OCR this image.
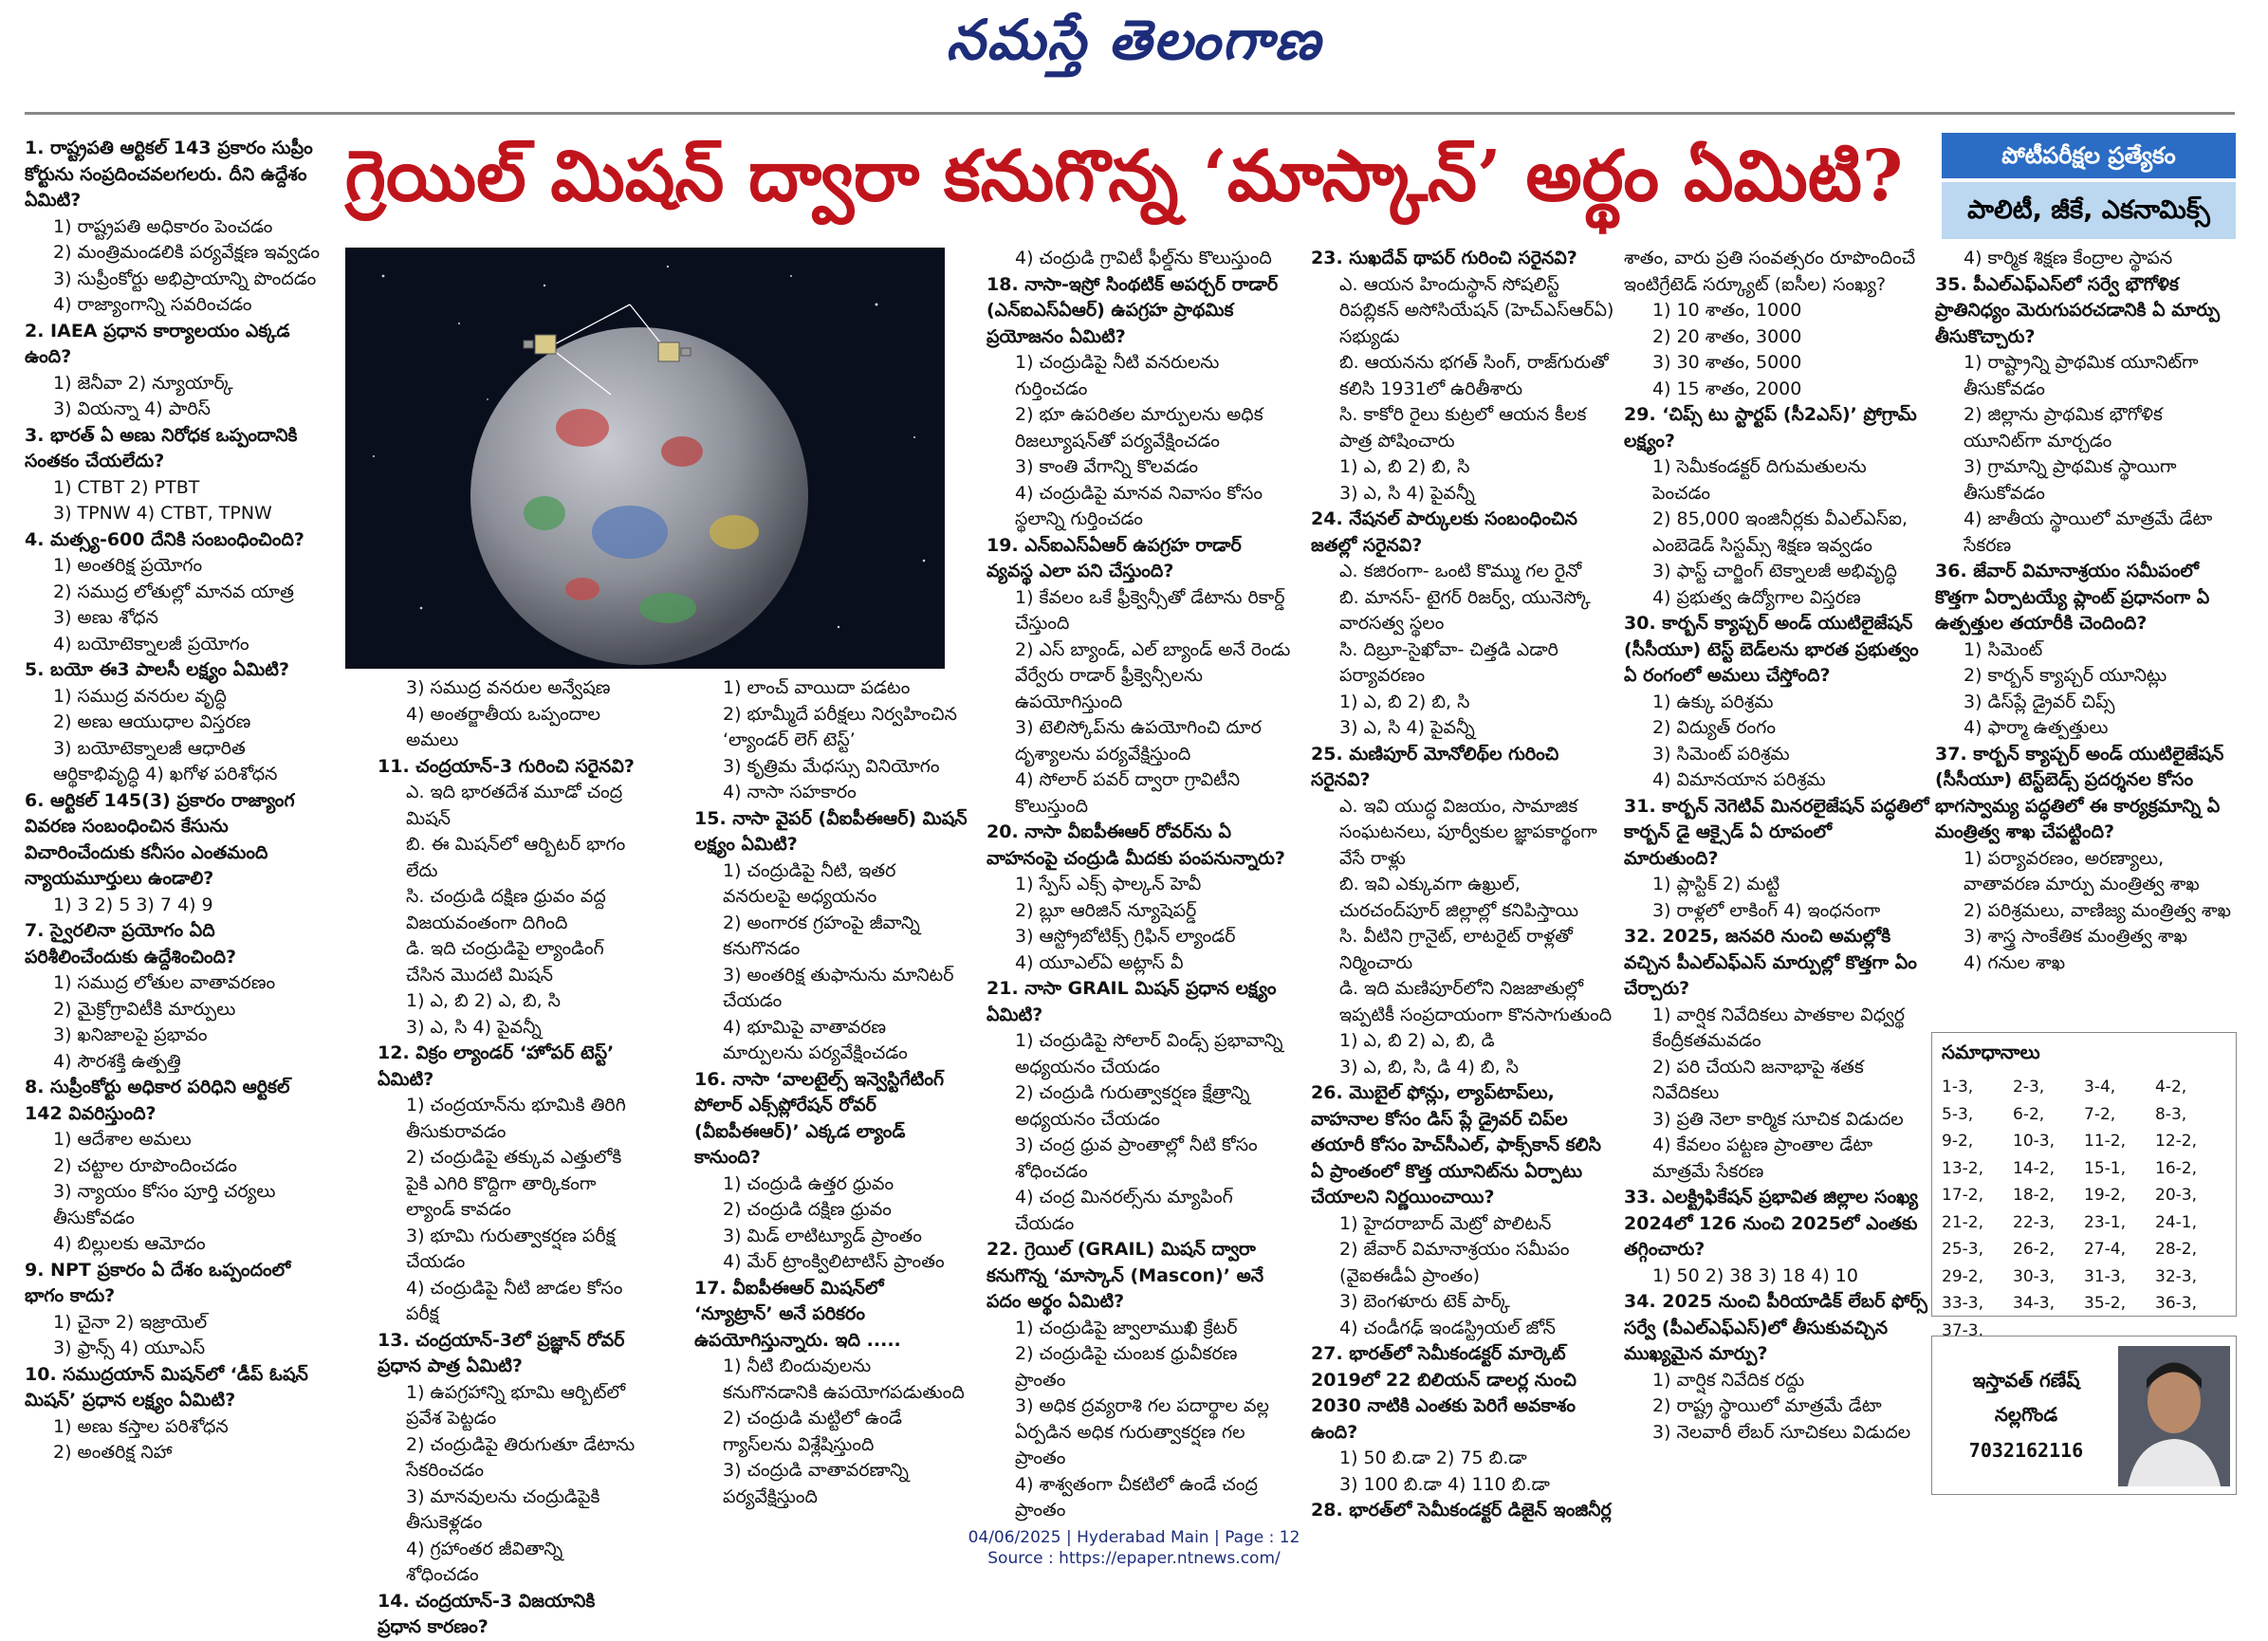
నమస్తే తెలంగాణ
గ్రెయిల్ మిషన్ ద్వారా కనుగొన్న ‘మాస్కాన్’ అర్థం ఏమిటి?	పోటీపరీక్షల ప్రత్యేకం
పాలిటీ, జీకే, ఎకనామిక్స్

1. రాష్ట్రపతి ఆర్టికల్ 143 ప్రకారం సుప్రీం కోర్టును సంప్రదించవలగలరు. దీని ఉద్దేశం ఏమిటి?

1) రాష్ట్రపతి అధికారం పెంచడం

2) మంత్రిమండలికి పర్యవేక్షణ ఇవ్వడం

3) సుప్రీంకోర్టు అభిప్రాయాన్ని పొందడం

4) రాజ్యాంగాన్ని సవరించడం

2. IAEA ప్రధాన కార్యాలయం ఎక్కడ ఉంది?

1) జెనీవా 2) న్యూయార్క్

3) వియన్నా 4) పారిస్

3. భారత్ ఏ అణు నిరోధక ఒప్పందానికి సంతకం చేయలేదు?

1) CTBT 2) PTBT

3) TPNW 4) CTBT, TPNW

4. మత్స్య-600 దేనికి సంబంధించింది?

1) అంతరిక్ష ప్రయోగం

2) సముద్ర లోతుల్లో మానవ యాత్ర

3) అణు శోధన

4) బయోటెక్నాలజీ ప్రయోగం

5. బయో ఈ3 పాలసీ లక్ష్యం ఏమిటి?

1) సముద్ర వనరుల వృద్ధి

2) అణు ఆయుధాల విస్తరణ

3) బయోటెక్నాలజీ ఆధారిత ఆర్థికాభివృద్ధి 4) ఖగోళ పరిశోధన

6. ఆర్టికల్ 145(3) ప్రకారం రాజ్యాంగ వివరణ సంబంధించిన కేసును విచారించేందుకు కనీసం ఎంతమంది న్యాయమూర్తులు ఉండాలి?

1) 3 2) 5 3) 7 4) 9

7. స్వైరలినా ప్రయోగం ఏది పరిశీలించేందుకు ఉద్దేశించింది?

1) సముద్ర లోతుల వాతావరణం

2) మైక్రోగ్రావిటీకి మార్పులు

3) ఖనిజాలపై ప్రభావం

4) సౌరశక్తి ఉత్పత్తి

8. సుప్రీంకోర్టు అధికార పరిధిని ఆర్టికల్ 142 వివరిస్తుంది?

1) ఆదేశాల అమలు

2) చట్టాల రూపొందించడం

3) న్యాయం కోసం పూర్తి చర్యలు తీసుకోవడం

4) బిల్లులకు ఆమోదం

9. NPT ప్రకారం ఏ దేశం ఒప్పందంలో భాగం కాదు?

1) చైనా 2) ఇజ్రాయెల్

3) ఫ్రాన్స్ 4) యూఎస్

10. సముద్రయాన్ మిషన్‌లో ‘డీప్ ఓషన్ మిషన్’ ప్రధాన లక్ష్యం ఏమిటి?

1) అణు కస్తాల పరిశోధన

2) అంతరిక్ష నిహా

3) సముద్ర వనరుల అన్వేషణ

4) అంతర్జాతీయ ఒప్పందాల అమలు

11. చంద్రయాన్-3 గురించి సరైనవి?

ఎ. ఇది భారతదేశ మూడో చంద్ర మిషన్

బి. ఈ మిషన్‌లో ఆర్బిటర్ భాగం లేదు

సి. చంద్రుడి దక్షిణ ధ్రువం వద్ద విజయవంతంగా దిగింది

డి. ఇది చంద్రుడిపై ల్యాండింగ్ చేసిన మొదటి మిషన్

1) ఎ, బి 2) ఎ, బి, సి

3) ఎ, సి 4) పైవన్నీ

12. విక్రం ల్యాండర్ ‘హోపర్ టెస్ట్’ ఏమిటి?

1) చంద్రయాన్‌ను భూమికి తిరిగి తీసుకురావడం

2) చంద్రుడిపై తక్కువ ఎత్తులోకి పైకి ఎగిరి కొద్దిగా తార్కికంగా ల్యాండ్ కావడం

3) భూమి గురుత్వాకర్షణ పరీక్ష చేయడం

4) చంద్రుడిపై నీటి జాడల కోసం పరీక్ష

13. చంద్రయాన్-3లో ప్రజ్ఞాన్ రోవర్ ప్రధాన పాత్ర ఏమిటి?

1) ఉపగ్రహాన్ని భూమి ఆర్బిట్‌లో ప్రవేశ పెట్టడం

2) చంద్రుడిపై తిరుగుతూ డేటాను సేకరించడం

3) మానవులను చంద్రుడిపైకి తీసుకెళ్లడం

4) గ్రహాంతర జీవితాన్ని శోధించడం

14. చంద్రయాన్-3 విజయానికి ప్రధాన కారణం?

1) లాంచ్ వాయిదా పడటం

2) భూమ్మీదే పరీక్షలు నిర్వహించిన ‘ల్యాండర్ లెగ్ టెస్ట్’

3) కృత్రిమ మేధస్సు వినియోగం

4) నాసా సహకారం

15. నాసా వైపర్ (వీఐపీఈఆర్) మిషన్ లక్ష్యం ఏమిటి?

1) చంద్రుడిపై నీటి, ఇతర వనరులపై అధ్యయనం

2) అంగారక గ్రహంపై జీవాన్ని కనుగొనడం

3) అంతరిక్ష తుఫానును మానిటర్ చేయడం

4) భూమిపై వాతావరణ మార్పులను పర్యవేక్షించడం

16. నాసా ‘వాలటైల్స్ ఇన్వెస్టిగేటింగ్ పోలార్ ఎక్స్‌ప్లోరేషన్ రోవర్ (వీఐపీఈఆర్)’ ఎక్కడ ల్యాండ్ కానుంది?

1) చంద్రుడి ఉత్తర ధ్రువం

2) చంద్రుడి దక్షిణ ధ్రువం

3) మిడ్ లాటిట్యూడ్ ప్రాంతం

4) మేర్ ట్రాంక్విలిటాటిస్ ప్రాంతం

17. వీఐపీఈఆర్ మిషన్‌లో ‘న్యూట్రాన్’ అనే పరికరం ఉపయోగిస్తున్నారు. ఇది .....

1) నీటి బిందువులను కనుగొనడానికి ఉపయోగపడుతుంది

2) చంద్రుడి మట్టిలో ఉండే గ్యాస్‌లను విశ్లేషిస్తుంది

3) చంద్రుడి వాతావరణాన్ని పర్యవేక్షిస్తుంది

4) చంద్రుడి గ్రావిటీ ఫీల్డ్‌ను కొలుస్తుంది

18. నాసా-ఇస్రో సింథటిక్ అపర్చర్ రాడార్ (ఎన్ఐఎస్ఏఆర్) ఉపగ్రహ ప్రాథమిక ప్రయోజనం ఏమిటి?

1) చంద్రుడిపై నీటి వనరులను గుర్తించడం

2) భూ ఉపరితల మార్పులను అధిక రిజల్యూషన్‌తో పర్యవేక్షించడం

3) కాంతి వేగాన్ని కొలవడం

4) చంద్రుడిపై మానవ నివాసం కోసం స్థలాన్ని గుర్తించడం

19. ఎన్ఐఎస్ఏఆర్ ఉపగ్రహ రాడార్ వ్యవస్థ ఎలా పని చేస్తుంది?

1) కేవలం ఒకే ఫ్రీక్వెన్సీతో డేటాను రికార్డ్ చేస్తుంది

2) ఎస్ బ్యాండ్, ఎల్ బ్యాండ్ అనే రెండు వేర్వేరు రాడార్ ఫ్రీక్వెన్సీలను ఉపయోగిస్తుంది

3) టెలిస్కోప్‌ను ఉపయోగించి దూర దృశ్యాలను పర్యవేక్షిస్తుంది

4) సోలార్ పవర్ ద్వారా గ్రావిటీని కొలుస్తుంది

20. నాసా వీఐపీఈఆర్ రోవర్‌ను ఏ వాహనంపై చంద్రుడి మీదకు పంపనున్నారు?

1) స్పేస్ ఎక్స్ ఫాల్కన్ హెవీ

2) బ్లూ ఆరిజిన్ న్యూషెపర్డ్

3) ఆస్ట్రోబోటిక్స్ గ్రిఫిన్ ల్యాండర్

4) యూఎల్ఏ అట్లాస్ వీ

21. నాసా GRAIL మిషన్ ప్రధాన లక్ష్యం ఏమిటి?

1) చంద్రుడిపై సోలార్ విండ్స్ ప్రభావాన్ని అధ్యయనం చేయడం

2) చంద్రుడి గురుత్వాకర్షణ క్షేత్రాన్ని అధ్యయనం చేయడం

3) చంద్ర ధ్రువ ప్రాంతాల్లో నీటి కోసం శోధించడం

4) చంద్ర మినరల్స్‌ను మ్యాపింగ్ చేయడం

22. గ్రెయిల్ (GRAIL) మిషన్ ద్వారా కనుగొన్న ‘మాస్కాన్ (Mascon)’ అనే పదం అర్థం ఏమిటి?

1) చంద్రుడిపై జ్వాలాముఖి క్రేటర్

2) చంద్రుడిపై చుంబక ధ్రువీకరణ ప్రాంతం

3) అధిక ద్రవ్యరాశి గల పదార్థాల వల్ల ఏర్పడిన అధిక గురుత్వాకర్షణ గల ప్రాంతం

4) శాశ్వతంగా చీకటిలో ఉండే చంద్ర ప్రాంతం

23. సుఖదేవ్ థాపర్ గురించి సరైనవి?

ఎ. ఆయన హిందుస్థాన్ సోషలిస్ట్ రిపబ్లికన్ అసోసియేషన్ (హెచ్ఎస్ఆర్ఏ) సభ్యుడు

బి. ఆయనను భగత్ సింగ్, రాజ్‌గురుతో కలిసి 1931లో ఉరితీశారు

సి. కాకోరి రైలు కుట్రలో ఆయన కీలక పాత్ర పోషించారు

1) ఎ, బి 2) బి, సి

3) ఎ, సి 4) పైవన్నీ

24. నేషనల్ పార్కులకు సంబంధించిన జతల్లో సరైనవి?

ఎ. కజిరంగా- ఒంటి కొమ్ము గల రైనో

బి. మానస్- టైగర్ రిజర్వ్, యునెస్కో వారసత్వ స్థలం

సి. దిబ్రూ-సైఖోవా- చిత్తడి ఎడారి పర్యావరణం

1) ఎ, బి 2) బి, సి

3) ఎ, సి 4) పైవన్నీ

25. మణిపూర్ మోనోలిథ్‌ల గురించి సరైనవి?

ఎ. ఇవి యుద్ధ విజయం, సామాజిక సంఘటనలు, పూర్వీకుల జ్ఞాపకార్థంగా వేసే రాళ్లు

బి. ఇవి ఎక్కువగా ఉఖ్రుల్, చురచంద్‌పూర్ జిల్లాల్లో కనిపిస్తాయి

సి. వీటిని గ్రానైట్, లాటరైట్ రాళ్లతో నిర్మించారు

డి. ఇది మణిపూర్‌లోని నిజజాతుల్లో ఇప్పటికీ సంప్రదాయంగా కొనసాగుతుంది

1) ఎ, బి 2) ఎ, బి, డి

3) ఎ, బి, సి, డి 4) బి, సి

26. మొబైల్ ఫోన్లు, ల్యాప్‌టాప్‌లు, వాహనాల కోసం డిస్ ప్లే డ్రైవర్ చిప్‌ల తయారీ కోసం హెచ్‌సీఎల్, ఫాక్స్‌కాన్ కలిసి ఏ ప్రాంతంలో కొత్త యూనిట్‌ను ఏర్పాటు చేయాలని నిర్ణయించాయి?

1) హైదరాబాద్ మెట్రో పొలిటన్

2) జేవార్ విమానాశ్రయం సమీపం (వైఐఈడీఏ ప్రాంతం)

3) బెంగళూరు టెక్ పార్క్

4) చండీగఢ్ ఇండస్ట్రియల్ జోన్

27. భారత్‌లో సెమీకండక్టర్ మార్కెట్ 2019లో 22 బిలియన్ డాలర్ల నుంచి 2030 నాటికి ఎంతకు పెరిగే అవకాశం ఉంది?

1) 50 బి.డా 2) 75 బి.డా

3) 100 బి.డా 4) 110 బి.డా

28. భారత్‌లో సెమీకండక్టర్ డిజైన్ ఇంజినీర్ల

శాతం, వారు ప్రతి సంవత్సరం రూపొందించే ఇంటిగ్రేటెడ్ సర్క్యూట్ (ఐసీల) సంఖ్య?

1) 10 శాతం, 1000

2) 20 శాతం, 3000

3) 30 శాతం, 5000

4) 15 శాతం, 2000

29. ‘చిప్స్ టు స్టార్టప్ (సీ2ఎస్)’ ప్రోగ్రామ్ లక్ష్యం?

1) సెమీకండక్టర్ దిగుమతులను పెంచడం

2) 85,000 ఇంజినీర్లకు వీఎల్ఎస్ఐ, ఎంబెడెడ్ సిస్టమ్స్ శిక్షణ ఇవ్వడం

3) ఫాస్ట్ చార్జింగ్ టెక్నాలజీ అభివృద్ధి

4) ప్రభుత్వ ఉద్యోగాల విస్తరణ

30. కార్బన్ క్యాప్చర్ అండ్ యుటిలైజేషన్ (సీసీయూ) టెస్ట్ బెడ్‌లను భారత ప్రభుత్వం ఏ రంగంలో అమలు చేస్తోంది?

1) ఉక్కు పరిశ్రమ

2) విద్యుత్ రంగం

3) సిమెంట్ పరిశ్రమ

4) విమానయాన పరిశ్రమ

31. కార్బన్ నెగెటివ్ మినరలైజేషన్ పద్ధతిలో కార్బన్ డై ఆక్సైడ్ ఏ రూపంలో మారుతుంది?

1) ప్లాస్టిక్ 2) మట్టి

3) రాళ్లలో లాకింగ్ 4) ఇంధనంగా

32. 2025, జనవరి నుంచి అమల్లోకి వచ్చిన పీఎల్ఎఫ్ఎస్ మార్పుల్లో కొత్తగా ఏం చేర్చారు?

1) వార్షిక నివేదికలు పాతకాల విధ్వర్థ కేంద్రీకతమవడం

2) పరి చేయని జనాభాపై శతక నివేదికలు

3) ప్రతి నెలా కార్మిక సూచిక విడుదల

4) కేవలం పట్టణ ప్రాంతాల డేటా మాత్రమే సేకరణ

33. ఎలక్ట్రిఫికేషన్ ప్రభావిత జిల్లాల సంఖ్య 2024లో 126 నుంచి 2025లో ఎంతకు తగ్గించారు?

1) 50 2) 38 3) 18 4) 10

34. 2025 నుంచి పీరియాడిక్ లేబర్ ఫోర్స్ సర్వే (పీఎల్ఎఫ్ఎస్)లో తీసుకువచ్చిన ముఖ్యమైన మార్పు?

1) వార్షిక నివేదిక రద్దు

2) రాష్ట్ర స్థాయిలో మాత్రమే డేటా

3) నెలవారీ లేబర్ సూచికలు విడుదల

4) కార్మిక శిక్షణ కేంద్రాల స్థాపన

35. పీఎల్ఎఫ్ఎస్‌లో సర్వే భౌగోళిక ప్రాతినిధ్యం మెరుగుపరచడానికి ఏ మార్పు తీసుకొచ్చారు?

1) రాష్ట్రాన్ని ప్రాథమిక యూనిట్‌గా తీసుకోవడం

2) జిల్లాను ప్రాథమిక భౌగోళిక యూనిట్‌గా మార్చడం

3) గ్రామాన్ని ప్రాథమిక స్థాయిగా తీసుకోవడం

4) జాతీయ స్థాయిలో మాత్రమే డేటా సేకరణ

36. జేవార్ విమానాశ్రయం సమీపంలో కొత్తగా ఏర్పాటయ్యే ప్లాంట్ ప్రధానంగా ఏ ఉత్పత్తుల తయారీకి చెందింది?

1) సిమెంట్

2) కార్బన్ క్యాప్చర్ యూనిట్లు

3) డిస్‌ప్లే డ్రైవర్ చిప్స్

4) ఫార్మా ఉత్పత్తులు

37. కార్బన్ క్యాప్చర్ అండ్ యుటిలైజేషన్ (సీసీయూ) టెస్ట్‌బెడ్స్ ప్రదర్శనల కోసం భాగస్వామ్య పద్ధతిలో ఈ కార్యక్రమాన్ని ఏ మంత్రిత్వ శాఖ చేపట్టింది?

1) పర్యావరణం, అరణ్యాలు, వాతావరణ మార్పు మంత్రిత్వ శాఖ

2) పరిశ్రమలు, వాణిజ్య మంత్రిత్వ శాఖ

3) శాస్త్ర సాంకేతిక మంత్రిత్వ శాఖ

4) గనుల శాఖ

సమాధానాలు
1-3,	2-3,	3-4,	4-2,
5-3,	6-2,	7-2,	8-3,
9-2,	10-3,	11-2,	12-2,
13-2,	14-2,	15-1,	16-2,
17-2,	18-2,	19-2,	20-3,
21-2,	22-3,	23-1,	24-1,
25-3,	26-2,	27-4,	28-2,
29-2,	30-3,	31-3,	32-3,
33-3,	34-3,	35-2,	36-3,
37-3.
ఇస్తావత్ గణేష్
నల్లగొండ
7032162116
04/06/2025 | Hyderabad Main | Page : 12
Source : https://epaper.ntnews.com/
